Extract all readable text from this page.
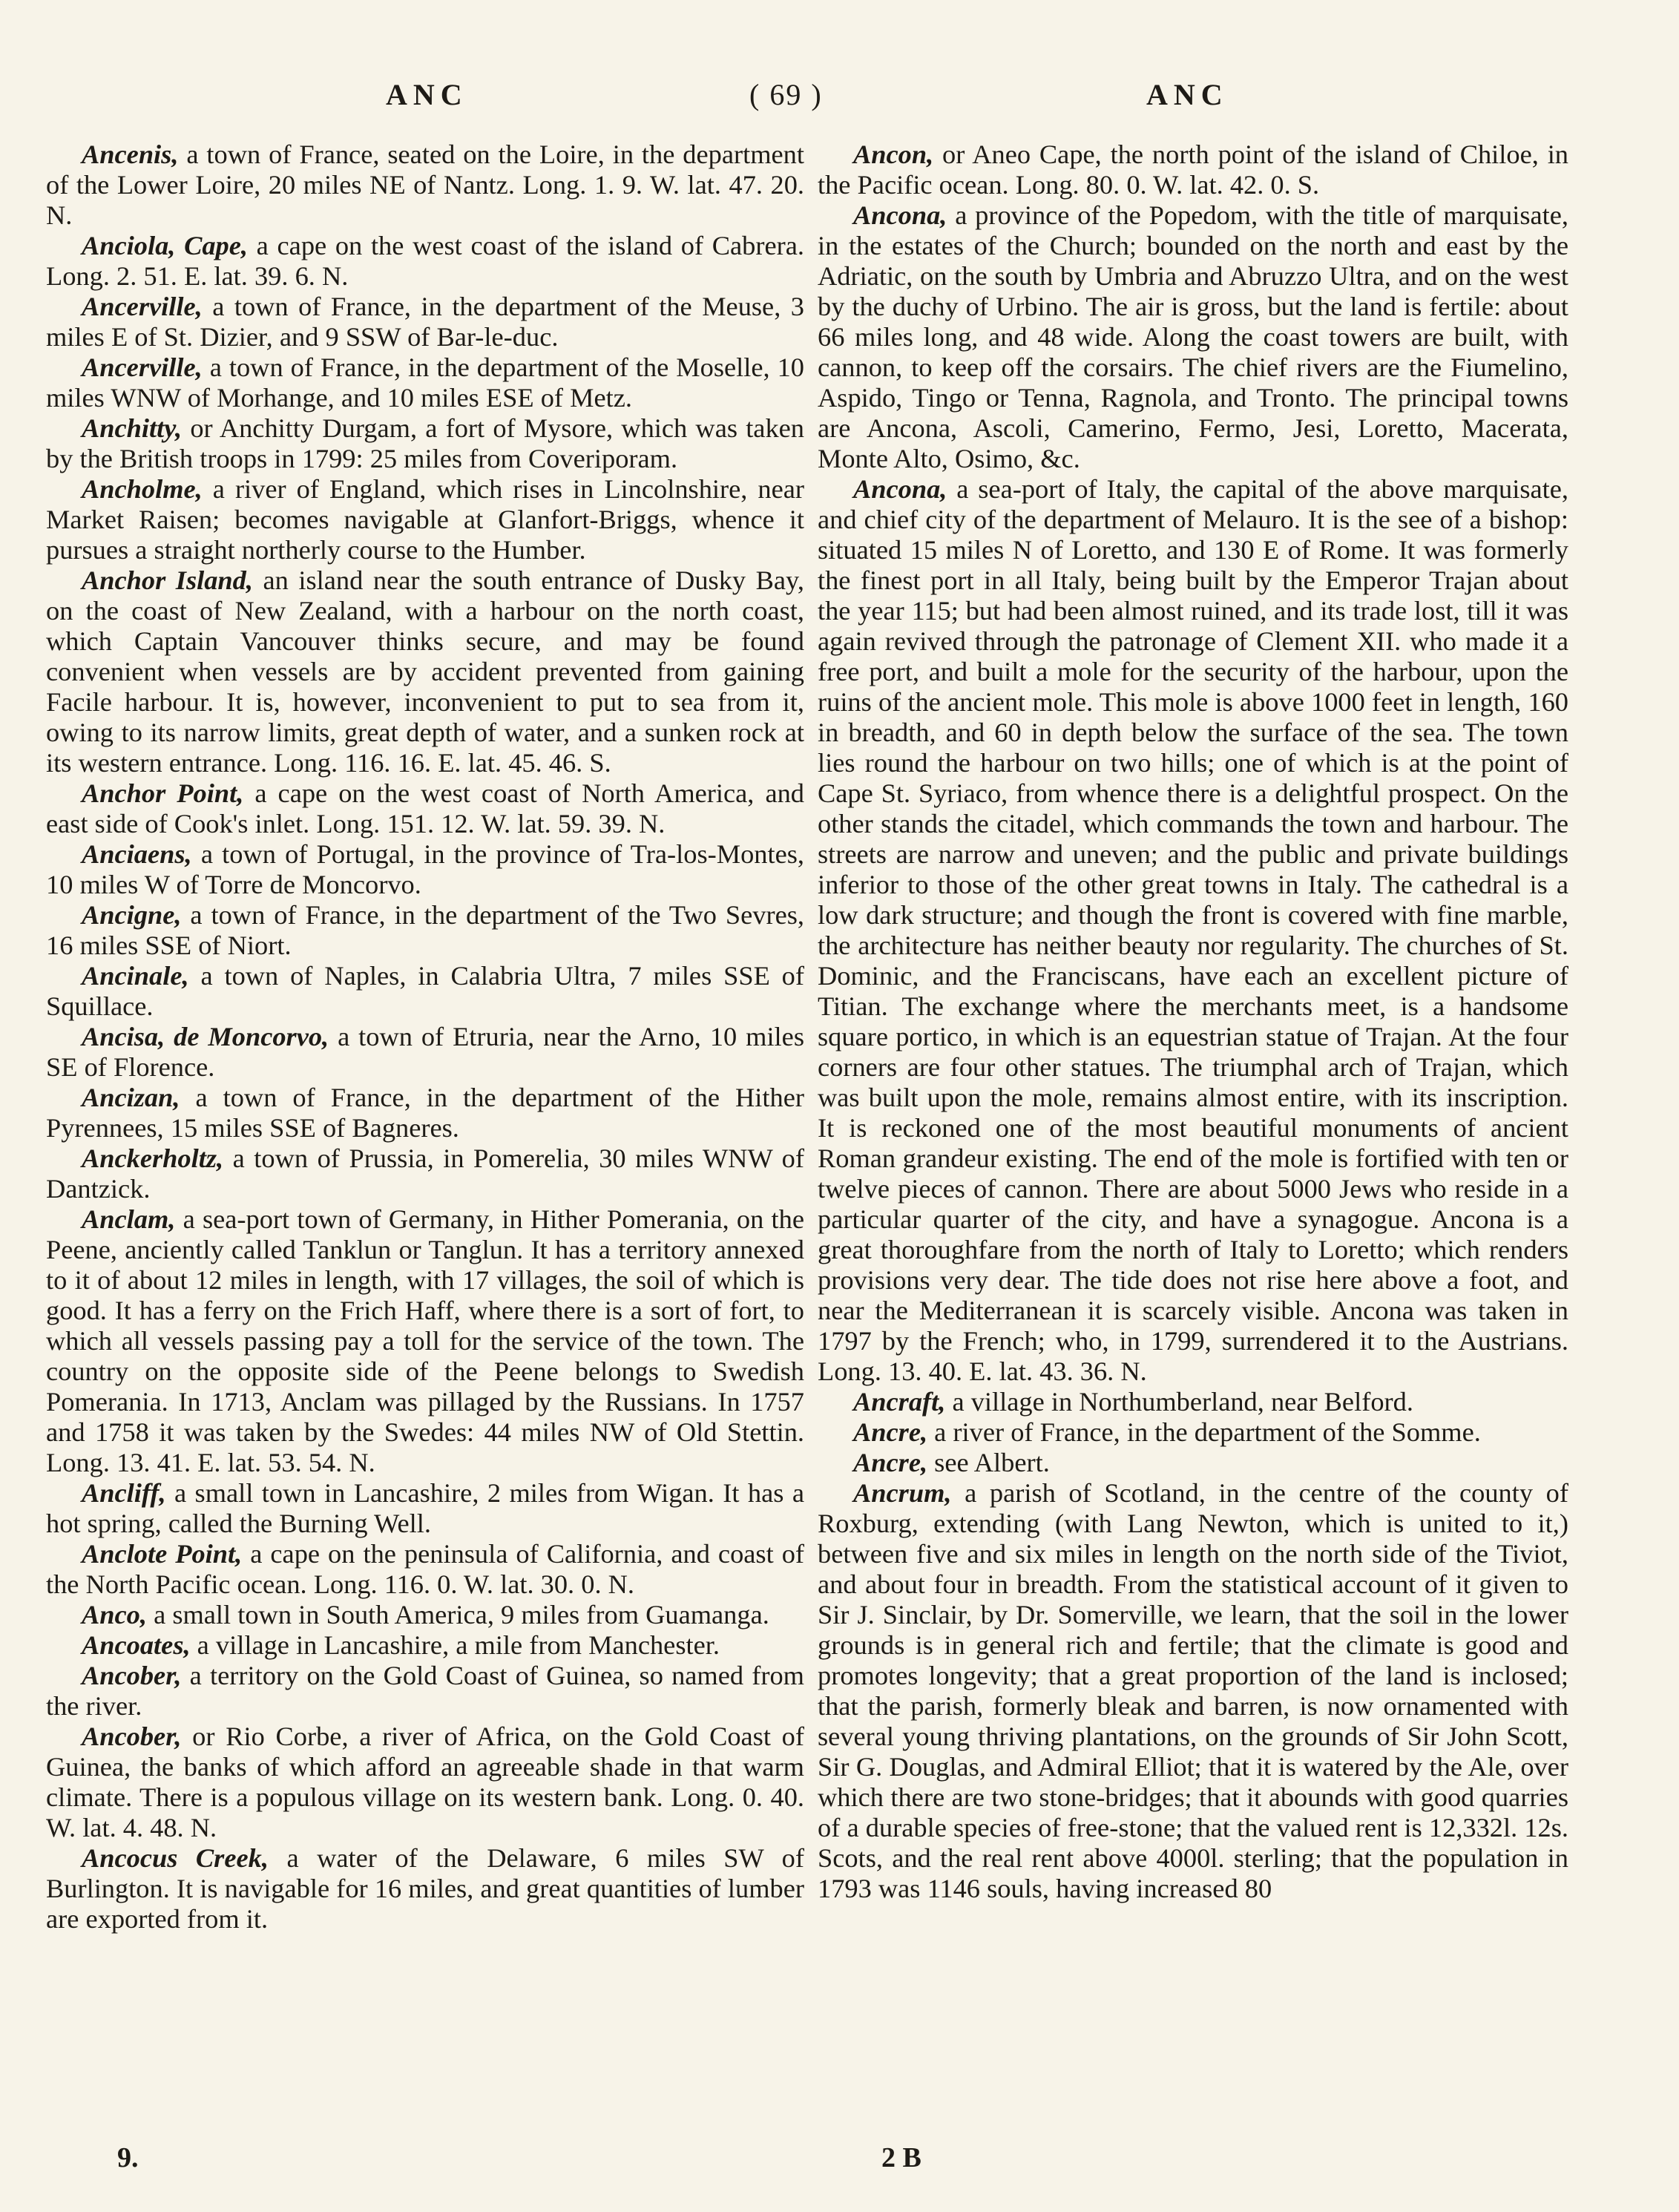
ANC	( 69 )	ANC

Ancenis, a town of France, seated on the Loire, in the department of the Lower Loire, 20 miles NE of Nantz. Long. 1. 9. W. lat. 47. 20. N.

Anciola, Cape, a cape on the west coast of the island of Cabrera. Long. 2. 51. E. lat. 39. 6. N.

Ancerville, a town of France, in the department of the Meuse, 3 miles E of St. Dizier, and 9 SSW of Bar-le-duc.

Ancerville, a town of France, in the department of the Moselle, 10 miles WNW of Morhange, and 10 miles ESE of Metz.

Anchitty, or Anchitty Durgam, a fort of Mysore, which was taken by the British troops in 1799: 25 miles from Coveriporam.

Ancholme, a river of England, which rises in Lincolnshire, near Market Raisen; becomes navigable at Glanfort-Briggs, whence it pursues a straight northerly course to the Humber.

Anchor Island, an island near the south entrance of Dusky Bay, on the coast of New Zealand, with a harbour on the north coast, which Captain Vancouver thinks secure, and may be found convenient when vessels are by accident prevented from gaining Facile harbour. It is, however, inconvenient to put to sea from it, owing to its narrow limits, great depth of water, and a sunken rock at its western entrance. Long. 116. 16. E. lat. 45. 46. S.

Anchor Point, a cape on the west coast of North America, and east side of Cook's inlet. Long. 151. 12. W. lat. 59. 39. N.

Anciaens, a town of Portugal, in the province of Tra-los-Montes, 10 miles W of Torre de Moncorvo.

Ancigne, a town of France, in the department of the Two Sevres, 16 miles SSE of Niort.

Ancinale, a town of Naples, in Calabria Ultra, 7 miles SSE of Squillace.

Ancisa, de Moncorvo, a town of Etruria, near the Arno, 10 miles SE of Florence.

Ancizan, a town of France, in the department of the Hither Pyrennees, 15 miles SSE of Bagneres.

Anckerholtz, a town of Prussia, in Pomerelia, 30 miles WNW of Dantzick.

Anclam, a sea-port town of Germany, in Hither Pomerania, on the Peene, anciently called Tanklun or Tanglun. It has a territory annexed to it of about 12 miles in length, with 17 villages, the soil of which is good. It has a ferry on the Frich Haff, where there is a sort of fort, to which all vessels passing pay a toll for the service of the town. The country on the opposite side of the Peene belongs to Swedish Pomerania. In 1713, Anclam was pillaged by the Russians. In 1757 and 1758 it was taken by the Swedes: 44 miles NW of Old Stettin. Long. 13. 41. E. lat. 53. 54. N.

Ancliff, a small town in Lancashire, 2 miles from Wigan. It has a hot spring, called the Burning Well.

Anclote Point, a cape on the peninsula of California, and coast of the North Pacific ocean. Long. 116. 0. W. lat. 30. 0. N.

Anco, a small town in South America, 9 miles from Guamanga.

Ancoates, a village in Lancashire, a mile from Manchester.

Ancober, a territory on the Gold Coast of Guinea, so named from the river.

Ancober, or Rio Corbe, a river of Africa, on the Gold Coast of Guinea, the banks of which afford an agreeable shade in that warm climate. There is a populous village on its western bank. Long. 0. 40. W. lat. 4. 48. N.

Ancocus Creek, a water of the Delaware, 6 miles SW of Burlington. It is navigable for 16 miles, and great quantities of lumber are exported from it.

Ancon, or Aneo Cape, the north point of the island of Chiloe, in the Pacific ocean. Long. 80. 0. W. lat. 42. 0. S.

Ancona, a province of the Popedom, with the title of marquisate, in the estates of the Church; bounded on the north and east by the Adriatic, on the south by Umbria and Abruzzo Ultra, and on the west by the duchy of Urbino. The air is gross, but the land is fertile: about 66 miles long, and 48 wide. Along the coast towers are built, with cannon, to keep off the corsairs. The chief rivers are the Fiumelino, Aspido, Tingo or Tenna, Ragnola, and Tronto. The principal towns are Ancona, Ascoli, Camerino, Fermo, Jesi, Loretto, Macerata, Monte Alto, Osimo, &c.

Ancona, a sea-port of Italy, the capital of the above marquisate, and chief city of the department of Melauro. It is the see of a bishop: situated 15 miles N of Loretto, and 130 E of Rome. It was formerly the finest port in all Italy, being built by the Emperor Trajan about the year 115; but had been almost ruined, and its trade lost, till it was again revived through the patronage of Clement XII. who made it a free port, and built a mole for the security of the harbour, upon the ruins of the ancient mole. This mole is above 1000 feet in length, 160 in breadth, and 60 in depth below the surface of the sea. The town lies round the harbour on two hills; one of which is at the point of Cape St. Syriaco, from whence there is a delightful prospect. On the other stands the citadel, which commands the town and harbour. The streets are narrow and uneven; and the public and private buildings inferior to those of the other great towns in Italy. The cathedral is a low dark structure; and though the front is covered with fine marble, the architecture has neither beauty nor regularity. The churches of St. Dominic, and the Franciscans, have each an excellent picture of Titian. The exchange where the merchants meet, is a handsome square portico, in which is an equestrian statue of Trajan. At the four corners are four other statues. The triumphal arch of Trajan, which was built upon the mole, remains almost entire, with its inscription. It is reckoned one of the most beautiful monuments of ancient Roman grandeur existing. The end of the mole is fortified with ten or twelve pieces of cannon. There are about 5000 Jews who reside in a particular quarter of the city, and have a synagogue. Ancona is a great thoroughfare from the north of Italy to Loretto; which renders provisions very dear. The tide does not rise here above a foot, and near the Mediterranean it is scarcely visible. Ancona was taken in 1797 by the French; who, in 1799, surrendered it to the Austrians. Long. 13. 40. E. lat. 43. 36. N.

Ancraft, a village in Northumberland, near Belford.

Ancre, a river of France, in the department of the Somme.

Ancre, see Albert.

Ancrum, a parish of Scotland, in the centre of the county of Roxburg, extending (with Lang Newton, which is united to it,) between five and six miles in length on the north side of the Tiviot, and about four in breadth. From the statistical account of it given to Sir J. Sinclair, by Dr. Somerville, we learn, that the soil in the lower grounds is in general rich and fertile; that the climate is good and promotes longevity; that a great proportion of the land is inclosed; that the parish, formerly bleak and barren, is now ornamented with several young thriving plantations, on the grounds of Sir John Scott, Sir G. Douglas, and Admiral Elliot; that it is watered by the Ale, over which there are two stone-bridges; that it abounds with good quarries of a durable species of free-stone; that the valued rent is 12,332l. 12s. Scots, and the real rent above 4000l. sterling; that the population in 1793 was 1146 souls, having increased 80

9.	2 B
